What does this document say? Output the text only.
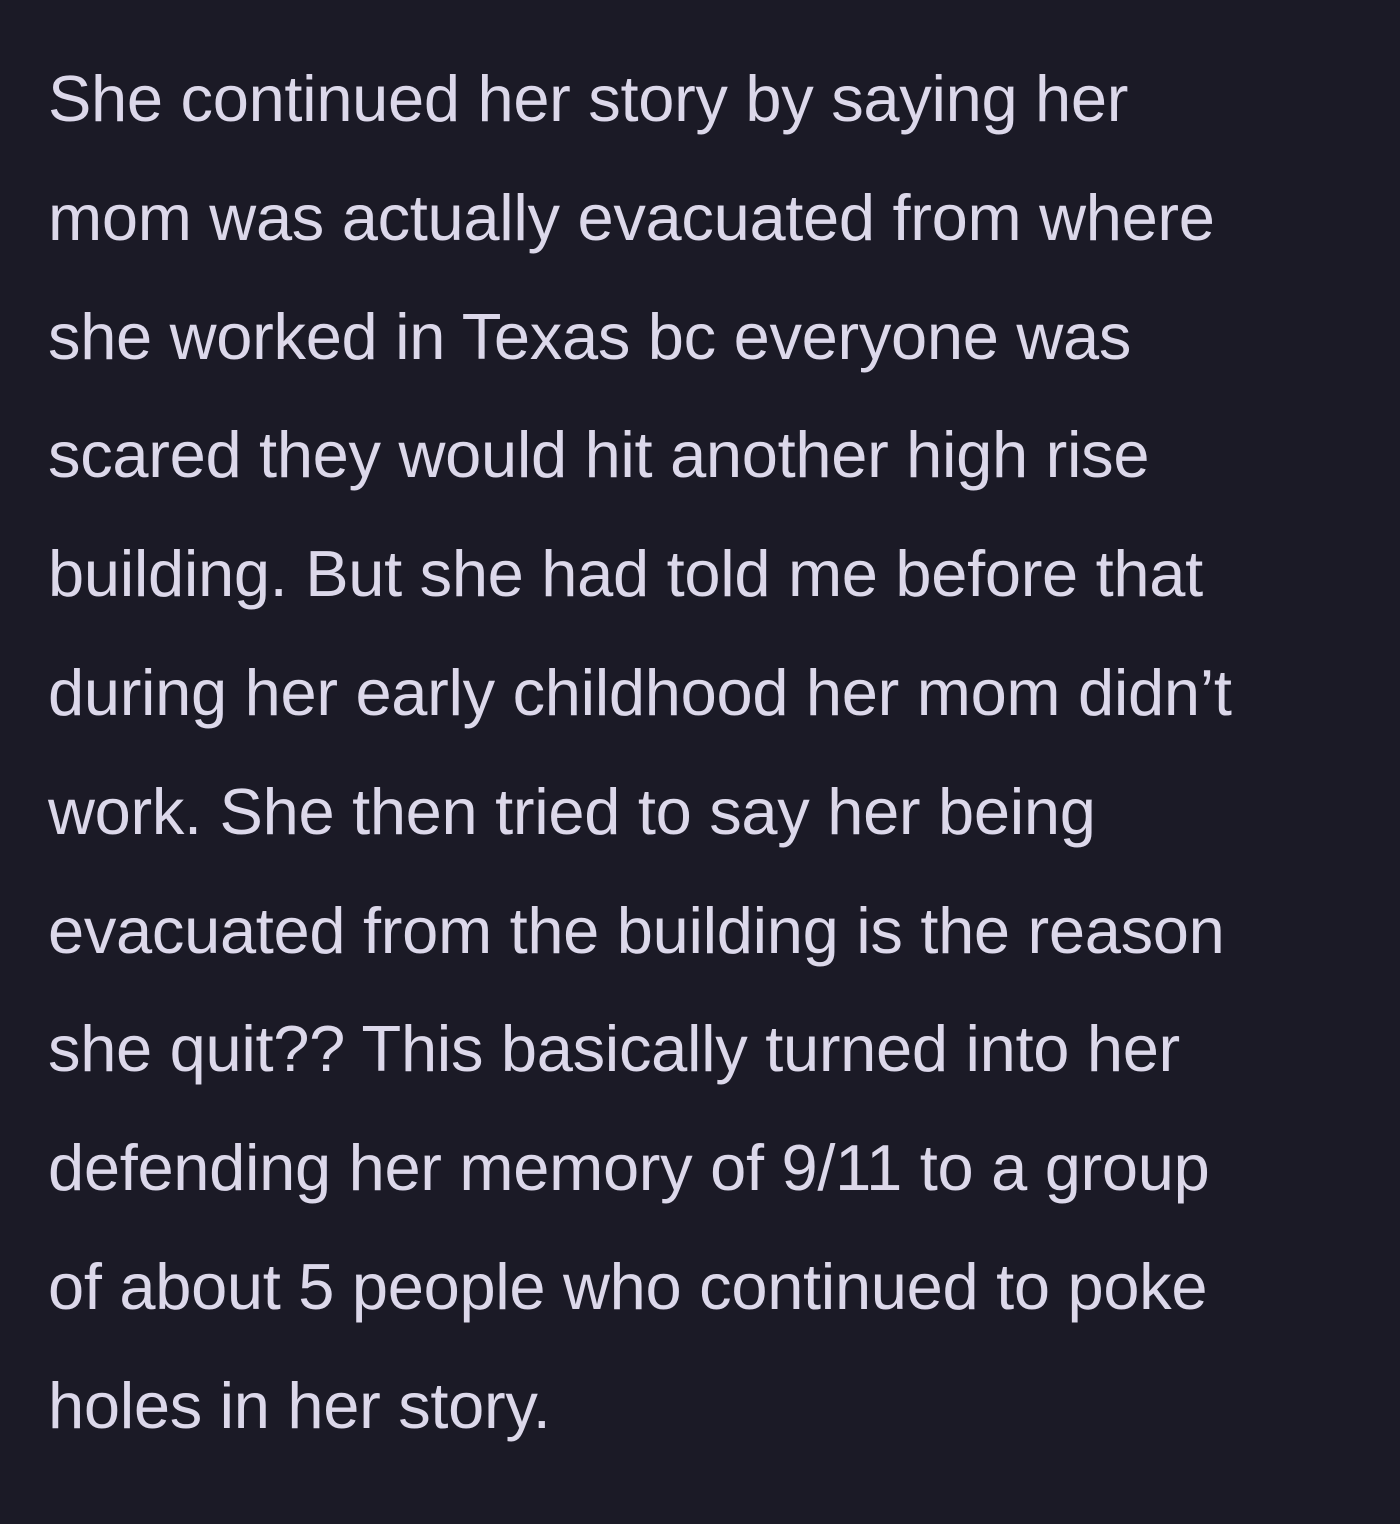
She continued her story by saying her
mom was actually evacuated from where
she worked in Texas bc everyone was
scared they would hit another high rise
building. But she had told me before that
during her early childhood her mom didn’t
work. She then tried to say her being
evacuated from the building is the reason
she quit?? This basically turned into her
defending her memory of 9/11 to a group
of about 5 people who continued to poke
holes in her story.
